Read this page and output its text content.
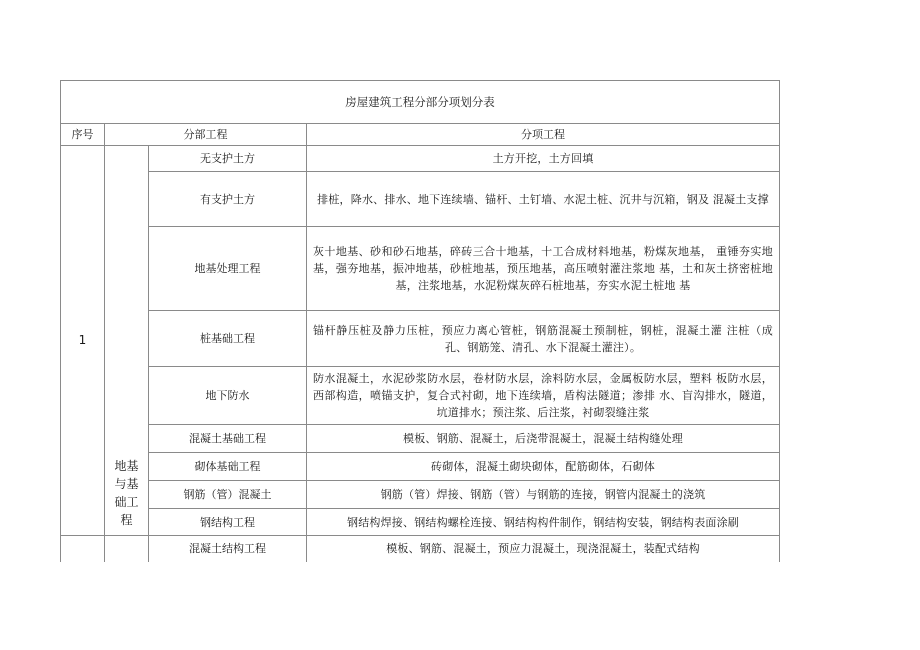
房屋建筑工程分部分项划分表			
序号	分部工程		分项工程
1	地基与基础工程	无支护土方	土方开挖，土方回填
		有支护土方	排桩，降水、排水、地下连续墙、锚杆、土钉墙、水泥土桩、沉井与沉箱，钢及 混凝土支撑
		地基处理工程	灰十地基、砂和砂石地基，碎砖三合十地基，十工合成材料地基，粉煤灰地基， 重锤夯实地基，强夯地基，振冲地基，砂桩地基，预压地基，高压喷射灌注浆地 基，土和灰土挤密桩地基，注浆地基，水泥粉煤灰碎石桩地基，夯实水泥土桩地 基
		桩基础工程	锚杆静压桩及静力压桩，预应力离心管桩，钢筋混凝土预制桩，钢桩，混凝土灌 注桩（成孔、钢筋笼、清孔、水下混凝土灌注）。
		地下防水	防水混凝土，水泥砂浆防水层，卷材防水层，涂料防水层，金属板防水层，塑料 板防水层，西部构造，喷锚支护，复合式衬砌，地下连续墙，盾构法隧道；渗排 水、盲沟排水，隧道，坑道排水；预注浆、后注浆，衬砌裂缝注浆
		混凝土基础工程	模板、钢筋、混凝土，后浇带混凝土，混凝土结构缝处理
		砌体基础工程	砖砌体，混凝土砌块砌体，配筋砌体，石砌体
		钢筋（管）混凝土	钢筋（管）焊接、钢筋（管）与钢筋的连接，钢管内混凝土的浇筑
		钢结构工程	钢结构焊接、钢结构螺栓连接、钢结构构件制作，钢结构安装，钢结构表面涂刷
		混凝土结构工程	模板、钢筋、混凝土，预应力混凝土，现浇混凝土，装配式结构
